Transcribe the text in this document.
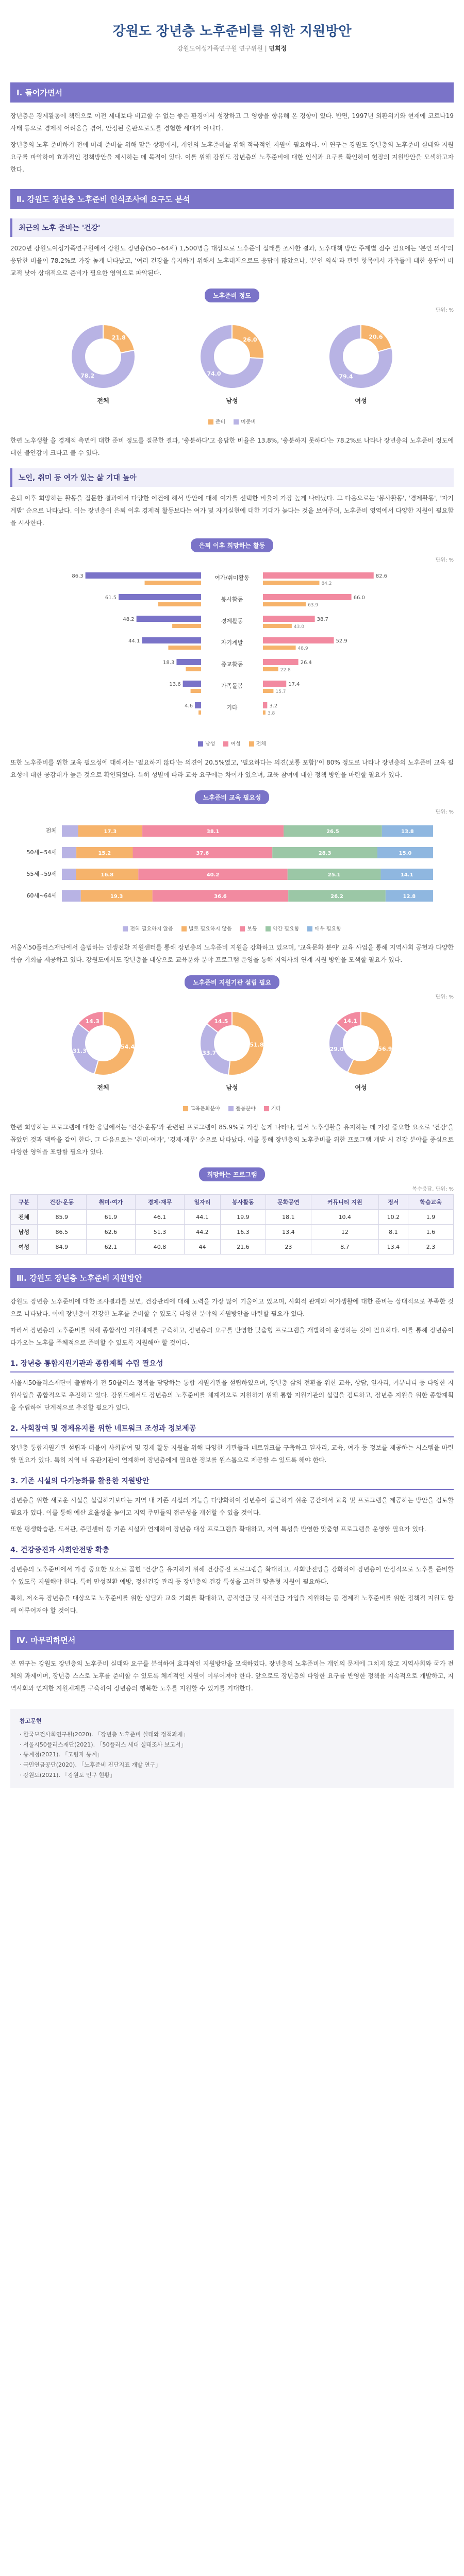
강원도 장년층 노후준비를 위한 지원방안
강원도여성가족연구원 연구위원 | 민희정
Ⅰ. 들어가면서

장년층은 경제활동에 책력으로 이전 세대보다 비교할 수 없는 좋은 환경에서 성장하고 그 영향을 향유해 온 경향이 있다. 반면, 1997년 외환위기와 현재에 코로나19 사태 등으로 경제적 어려움을 겪어, 안정된 출판으로도를 경험한 세대가 아니다.

장년층의 노후 준비하기 전에 미래 준비를 위해 맡은 상황에서, 개인의 노후준비를 위해 적극적인 지원이 필요하다. 이 연구는 강원도 장년층의 노후준비 실태와 지원 요구를 파악하여 효과적인 정책방안을 제시하는 데 목적이 있다. 이를 위해 강원도 장년층의 노후준비에 대한 인식과 요구를 확인하여 현장의 지원방안을 모색하고자 한다.

Ⅱ. 강원도 장년층 노후준비 인식조사에 요구도 분석
최근의 노후 준비는 '건강'

2020년 강원도여성가족연구원에서 강원도 장년층(50~64세) 1,500명을 대상으로 노후준비 실태를 조사한 결과, 노후대책 방안 주제별 점수 필요에는 '본인 의식'의 응답한 비율이 78.2%로 가장 높게 나타났고, '여러 건강을 유지하기 위해서 노후대책으로도 응답이 많았으나, '본인 의식'과 관련 항목에서 가족들에 대한 응답이 비교적 낮아 상대적으로 준비가 필요한 영역으로 파악된다.

노후준비 정도
단위: %
21.8
78.2
전체
26.0
74.0
남성
20.6
79.4
여성
준비	미준비

한편 노후생활 을 경제적 측면에 대한 준비 정도를 질문한 결과, '충분하다'고 응답한 비율은 13.8%, '충분하지 못하다'는 78.2%로 나타나 장년층의 노후준비 정도에 대한 불안감이 크다고 볼 수 있다.

노인, 취미 등 여가 있는 삶 기대 높아

은퇴 이후 희망하는 활동을 질문한 결과에서 다양한 여건에 해서 방안에 대해 여가를 선택한 비율이 가장 높게 나타났다. 그 다음으로는 '봉사활동', '경제활동', '자기계발' 순으로 나타났다. 이는 장년층이 은퇴 이후 경제적 활동보다는 여가 및 자기실현에 대한 기대가 높다는 것을 보여주며, 노후준비 영역에서 다양한 지원이 필요함을 시사한다.

은퇴 이후 희망하는 활동
단위: %
여가/취미활동
86.3	82.6
84.2
봉사활동
61.5	66.0
63.9
경제활동
48.2	38.7
43.0
자기계발
44.1	52.9
48.9
종교활동
18.3	26.4
22.8
가족돌봄
13.6	17.4
15.7
기타
4.6	3.2
3.8
남성	여성	전체

또한 노후준비를 위한 교육 필요성에 대해서는 '필요하지 않다'는 의견이 20.5%였고, '필요하다는 의견(보통 포함)'이 80% 정도로 나타나 장년층의 노후준비 교육 필요성에 대한 공감대가 높은 것으로 확인되었다. 특히 성별에 따라 교육 요구에는 차이가 있으며, 교육 참여에 대한 정책 방안을 마련할 필요가 있다.

노후준비 교육 필요성
단위: %
전체	17.3	38.1	26.5	13.8
50세~54세	15.2	37.6	28.3	15.0
55세~59세	16.8	40.2	25.1	14.1
60세~64세	19.3	36.6	26.2	12.8
전혀 필요하지 않음	별로 필요하지 않음	보통	약간 필요함	매우 필요함

서울시50플러스재단에서 출범하는 인생전환 지원센터를 통해 장년층의 노후준비 지원을 강화하고 있으며, '교육문화 분야' 교육 사업을 통해 지역사회 공헌과 다양한 학습 기회를 제공하고 있다. 강원도에서도 장년층을 대상으로 교육문화 분야 프로그램 운영을 통해 지역사회 연계 지원 방안을 모색할 필요가 있다.

노후준비 지원기관 설립 필요
단위: %
54.4
31.3
14.3
전체
51.8
33.7
14.5
남성
56.9
29.0
14.1
여성
교육문화분야	돌봄분야	기타

한편 희망하는 프로그램에 대한 응답에서는 '건강·운동'과 관련된 프로그램이 85.9%로 가장 높게 나타나, 앞서 노후생활을 유지하는 데 가장 중요한 요소로 '건강'을 꼽았던 것과 맥락을 같이 한다. 그 다음으로는 '취미·여가', '경제·재무' 순으로 나타났다. 이를 통해 장년층의 노후준비를 위한 프로그램 개발 시 건강 분야를 중심으로 다양한 영역을 포함할 필요가 있다.

희망하는 프로그램
복수응답, 단위: %
구분	건강·운동	취미·여가	경제·재무	일자리	봉사활동	문화공연	커뮤니티 지원	정서	학습교육
전체	85.9	61.9	46.1	44.1	19.9	18.1	10.4	10.2	1.9
남성	86.5	62.6	51.3	44.2	16.3	13.4	12	8.1	1.6
여성	84.9	62.1	40.8	44	21.6	23	8.7	13.4	2.3
Ⅲ. 강원도 장년층 노후준비 지원방안

강원도 장년층 노후준비에 대한 조사결과를 보면, 건강관리에 대해 노력을 가장 많이 기울이고 있으며, 사회적 관계와 여가생활에 대한 준비는 상대적으로 부족한 것으로 나타났다. 이에 장년층이 건강한 노후를 준비할 수 있도록 다양한 분야의 지원방안을 마련할 필요가 있다.

따라서 장년층의 노후준비를 위해 종합적인 지원체계를 구축하고, 장년층의 요구를 반영한 맞춤형 프로그램을 개발하여 운영하는 것이 필요하다. 이를 통해 장년층이 다가오는 노후를 주체적으로 준비할 수 있도록 지원해야 할 것이다.

1. 장년층 통합지원기관과 종합계획 수립 필요성

서울시50플러스재단이 출범하기 전 50플러스 정책을 담당하는 통합 지원기관을 설립하였으며, 장년층 삶의 전환을 위한 교육, 상담, 일자리, 커뮤니티 등 다양한 지원사업을 종합적으로 추진하고 있다. 강원도에서도 장년층의 노후준비를 체계적으로 지원하기 위해 통합 지원기관의 설립을 검토하고, 장년층 지원을 위한 종합계획을 수립하여 단계적으로 추진할 필요가 있다.

2. 사회참여 및 경제유지를 위한 네트워크 조성과 정보제공

장년층 통합지원기관 설립과 더불어 사회참여 및 경제 활동 지원을 위해 다양한 기관들과 네트워크를 구축하고 일자리, 교육, 여가 등 정보를 제공하는 시스템을 마련할 필요가 있다. 특히 지역 내 유관기관이 연계하여 장년층에게 필요한 정보를 원스톱으로 제공할 수 있도록 해야 한다.

3. 기존 시설의 다기능화를 활용한 지원방안

장년층을 위한 새로운 시설을 설립하기보다는 지역 내 기존 시설의 기능을 다양화하여 장년층이 접근하기 쉬운 공간에서 교육 및 프로그램을 제공하는 방안을 검토할 필요가 있다. 이를 통해 예산 효율성을 높이고 지역 주민들의 접근성을 개선할 수 있을 것이다.

또한 평생학습관, 도서관, 주민센터 등 기존 시설과 연계하여 장년층 대상 프로그램을 확대하고, 지역 특성을 반영한 맞춤형 프로그램을 운영할 필요가 있다.

4. 건강증진과 사회안전망 확충

장년층의 노후준비에서 가장 중요한 요소로 꼽힌 '건강'을 유지하기 위해 건강증진 프로그램을 확대하고, 사회안전망을 강화하여 장년층이 안정적으로 노후를 준비할 수 있도록 지원해야 한다. 특히 만성질환 예방, 정신건강 관리 등 장년층의 건강 특성을 고려한 맞춤형 지원이 필요하다.

특히, 저소득 장년층을 대상으로 노후준비를 위한 상담과 교육 기회를 확대하고, 공적연금 및 사적연금 가입을 지원하는 등 경제적 노후준비를 위한 정책적 지원도 함께 이루어져야 할 것이다.

Ⅳ. 마무리하면서

본 연구는 강원도 장년층의 노후준비 실태와 요구를 분석하여 효과적인 지원방안을 모색하였다. 장년층의 노후준비는 개인의 문제에 그치지 않고 지역사회와 국가 전체의 과제이며, 장년층 스스로 노후를 준비할 수 있도록 체계적인 지원이 이루어져야 한다. 앞으로도 장년층의 다양한 요구를 반영한 정책을 지속적으로 개발하고, 지역사회와 연계한 지원체계를 구축하여 장년층의 행복한 노후를 지원할 수 있기를 기대한다.

참고문헌

· 한국보건사회연구원(2020). 「장년층 노후준비 실태와 정책과제」

· 서울시50플러스재단(2021). 「50플러스 세대 실태조사 보고서」

· 통계청(2021). 「고령자 통계」

· 국민연금공단(2020). 「노후준비 진단지표 개발 연구」

· 강원도(2021). 「강원도 인구 현황」
